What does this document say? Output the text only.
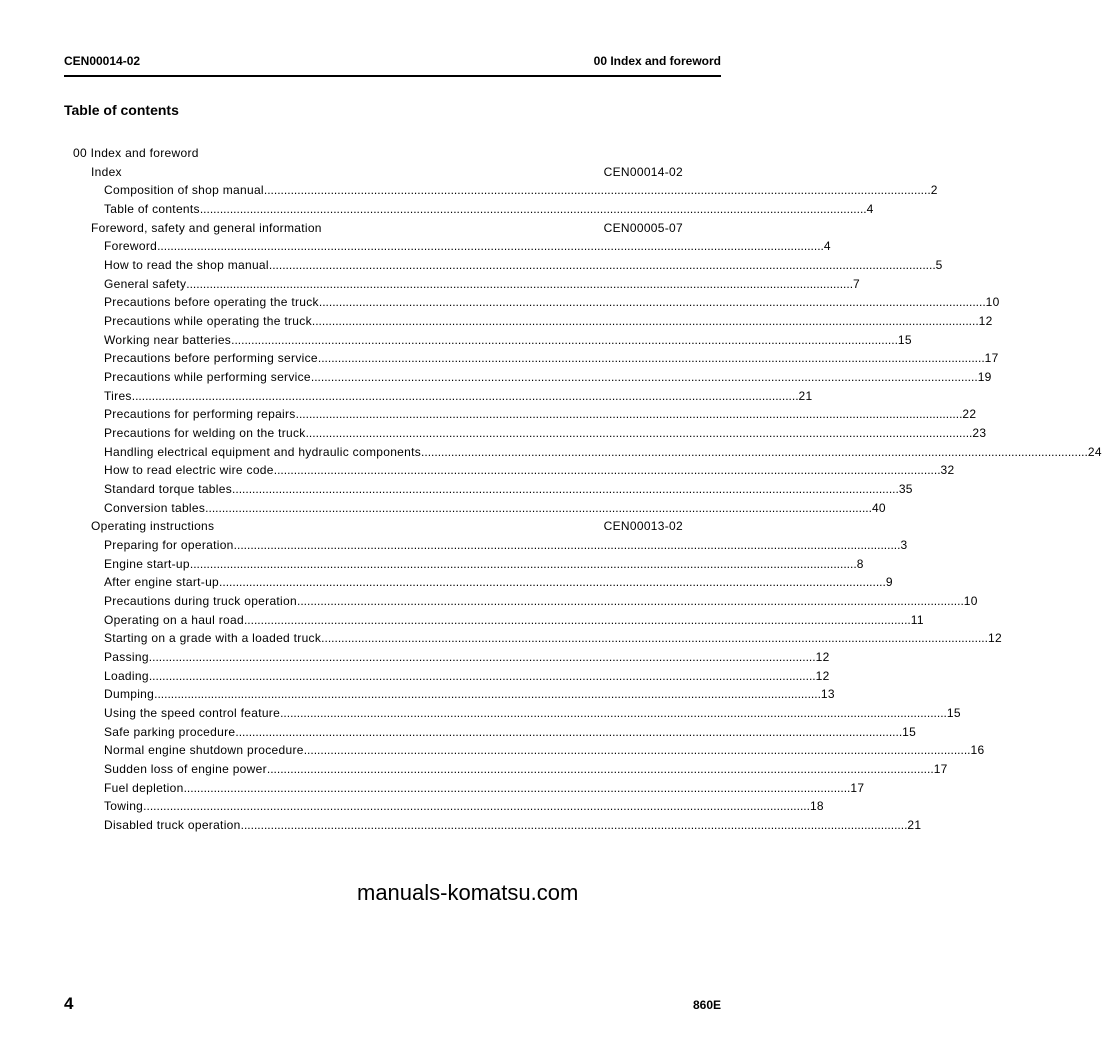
CEN00014-02	00 Index and foreword
Table of contents
00 Index and foreword
Index	CEN00014-02
Composition of shop manual ........................................................................................................................................................................................................ 2
Table of contents ........................................................................................................................................................................................................ 4
Foreword, safety and general information	CEN00005-07
Foreword ........................................................................................................................................................................................................ 4
How to read the shop manual ........................................................................................................................................................................................................ 5
General safety ........................................................................................................................................................................................................ 7
Precautions before operating the truck ........................................................................................................................................................................................................ 10
Precautions while operating the truck ........................................................................................................................................................................................................ 12
Working near batteries ........................................................................................................................................................................................................ 15
Precautions before performing service ........................................................................................................................................................................................................ 17
Precautions while performing service ........................................................................................................................................................................................................ 19
Tires ........................................................................................................................................................................................................ 21
Precautions for performing repairs ........................................................................................................................................................................................................ 22
Precautions for welding on the truck ........................................................................................................................................................................................................ 23
Handling electrical equipment and hydraulic components ........................................................................................................................................................................................................ 24
How to read electric wire code ........................................................................................................................................................................................................ 32
Standard torque tables ........................................................................................................................................................................................................ 35
Conversion tables ........................................................................................................................................................................................................ 40
Operating instructions	CEN00013-02
Preparing for operation ........................................................................................................................................................................................................ 3
Engine start-up ........................................................................................................................................................................................................ 8
After engine start-up ........................................................................................................................................................................................................ 9
Precautions during truck operation ........................................................................................................................................................................................................ 10
Operating on a haul road ........................................................................................................................................................................................................ 11
Starting on a grade with a loaded truck ........................................................................................................................................................................................................ 12
Passing ........................................................................................................................................................................................................ 12
Loading ........................................................................................................................................................................................................ 12
Dumping ........................................................................................................................................................................................................ 13
Using the speed control feature ........................................................................................................................................................................................................ 15
Safe parking procedure ........................................................................................................................................................................................................ 15
Normal engine shutdown procedure ........................................................................................................................................................................................................ 16
Sudden loss of engine power ........................................................................................................................................................................................................ 17
Fuel depletion ........................................................................................................................................................................................................ 17
Towing ........................................................................................................................................................................................................ 18
Disabled truck operation ........................................................................................................................................................................................................ 21
manuals-komatsu.com
4	860E
